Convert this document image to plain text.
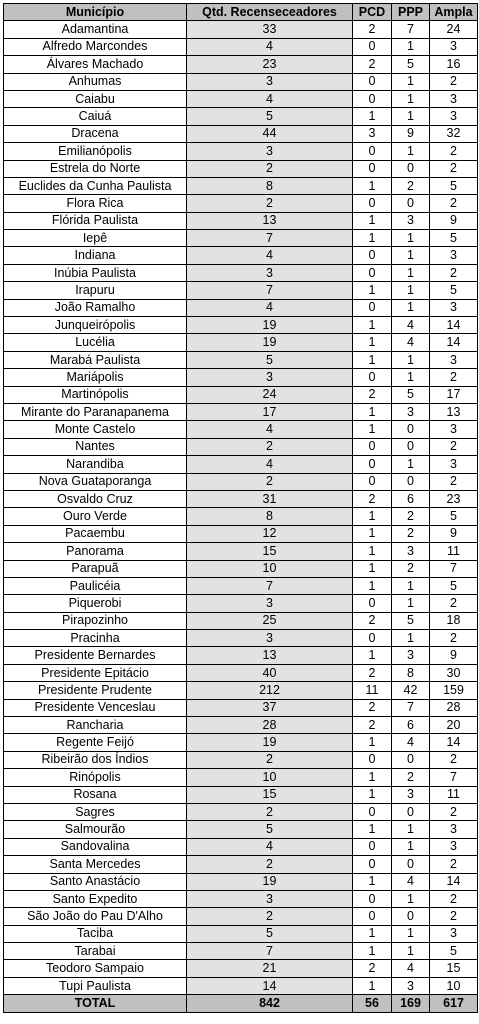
Município	Qtd. Recenseceadores	PCD	PPP	Ampla
Adamantina	33	2	7	24
Alfredo Marcondes	4	0	1	3
Álvares Machado	23	2	5	16
Anhumas	3	0	1	2
Caiabu	4	0	1	3
Caiuá	5	1	1	3
Dracena	44	3	9	32
Emilianópolis	3	0	1	2
Estrela do Norte	2	0	0	2
Euclides da Cunha Paulista	8	1	2	5
Flora Rica	2	0	0	2
Flórida Paulista	13	1	3	9
Iepê	7	1	1	5
Indiana	4	0	1	3
Inúbia Paulista	3	0	1	2
Irapuru	7	1	1	5
João Ramalho	4	0	1	3
Junqueirópolis	19	1	4	14
Lucélia	19	1	4	14
Marabá Paulista	5	1	1	3
Mariápolis	3	0	1	2
Martinópolis	24	2	5	17
Mirante do Paranapanema	17	1	3	13
Monte Castelo	4	1	0	3
Nantes	2	0	0	2
Narandiba	4	0	1	3
Nova Guataporanga	2	0	0	2
Osvaldo Cruz	31	2	6	23
Ouro Verde	8	1	2	5
Pacaembu	12	1	2	9
Panorama	15	1	3	11
Parapuã	10	1	2	7
Paulicéia	7	1	1	5
Piquerobi	3	0	1	2
Pirapozinho	25	2	5	18
Pracinha	3	0	1	2
Presidente Bernardes	13	1	3	9
Presidente Epitácio	40	2	8	30
Presidente Prudente	212	11	42	159
Presidente Venceslau	37	2	7	28
Rancharia	28	2	6	20
Regente Feijó	19	1	4	14
Ribeirão dos Índios	2	0	0	2
Rinópolis	10	1	2	7
Rosana	15	1	3	11
Sagres	2	0	0	2
Salmourão	5	1	1	3
Sandovalina	4	0	1	3
Santa Mercedes	2	0	0	2
Santo Anastácio	19	1	4	14
Santo Expedito	3	0	1	2
São João do Pau D'Alho	2	0	0	2
Taciba	5	1	1	3
Tarabai	7	1	1	5
Teodoro Sampaio	21	2	4	15
Tupi Paulista	14	1	3	10
TOTAL	842	56	169	617
